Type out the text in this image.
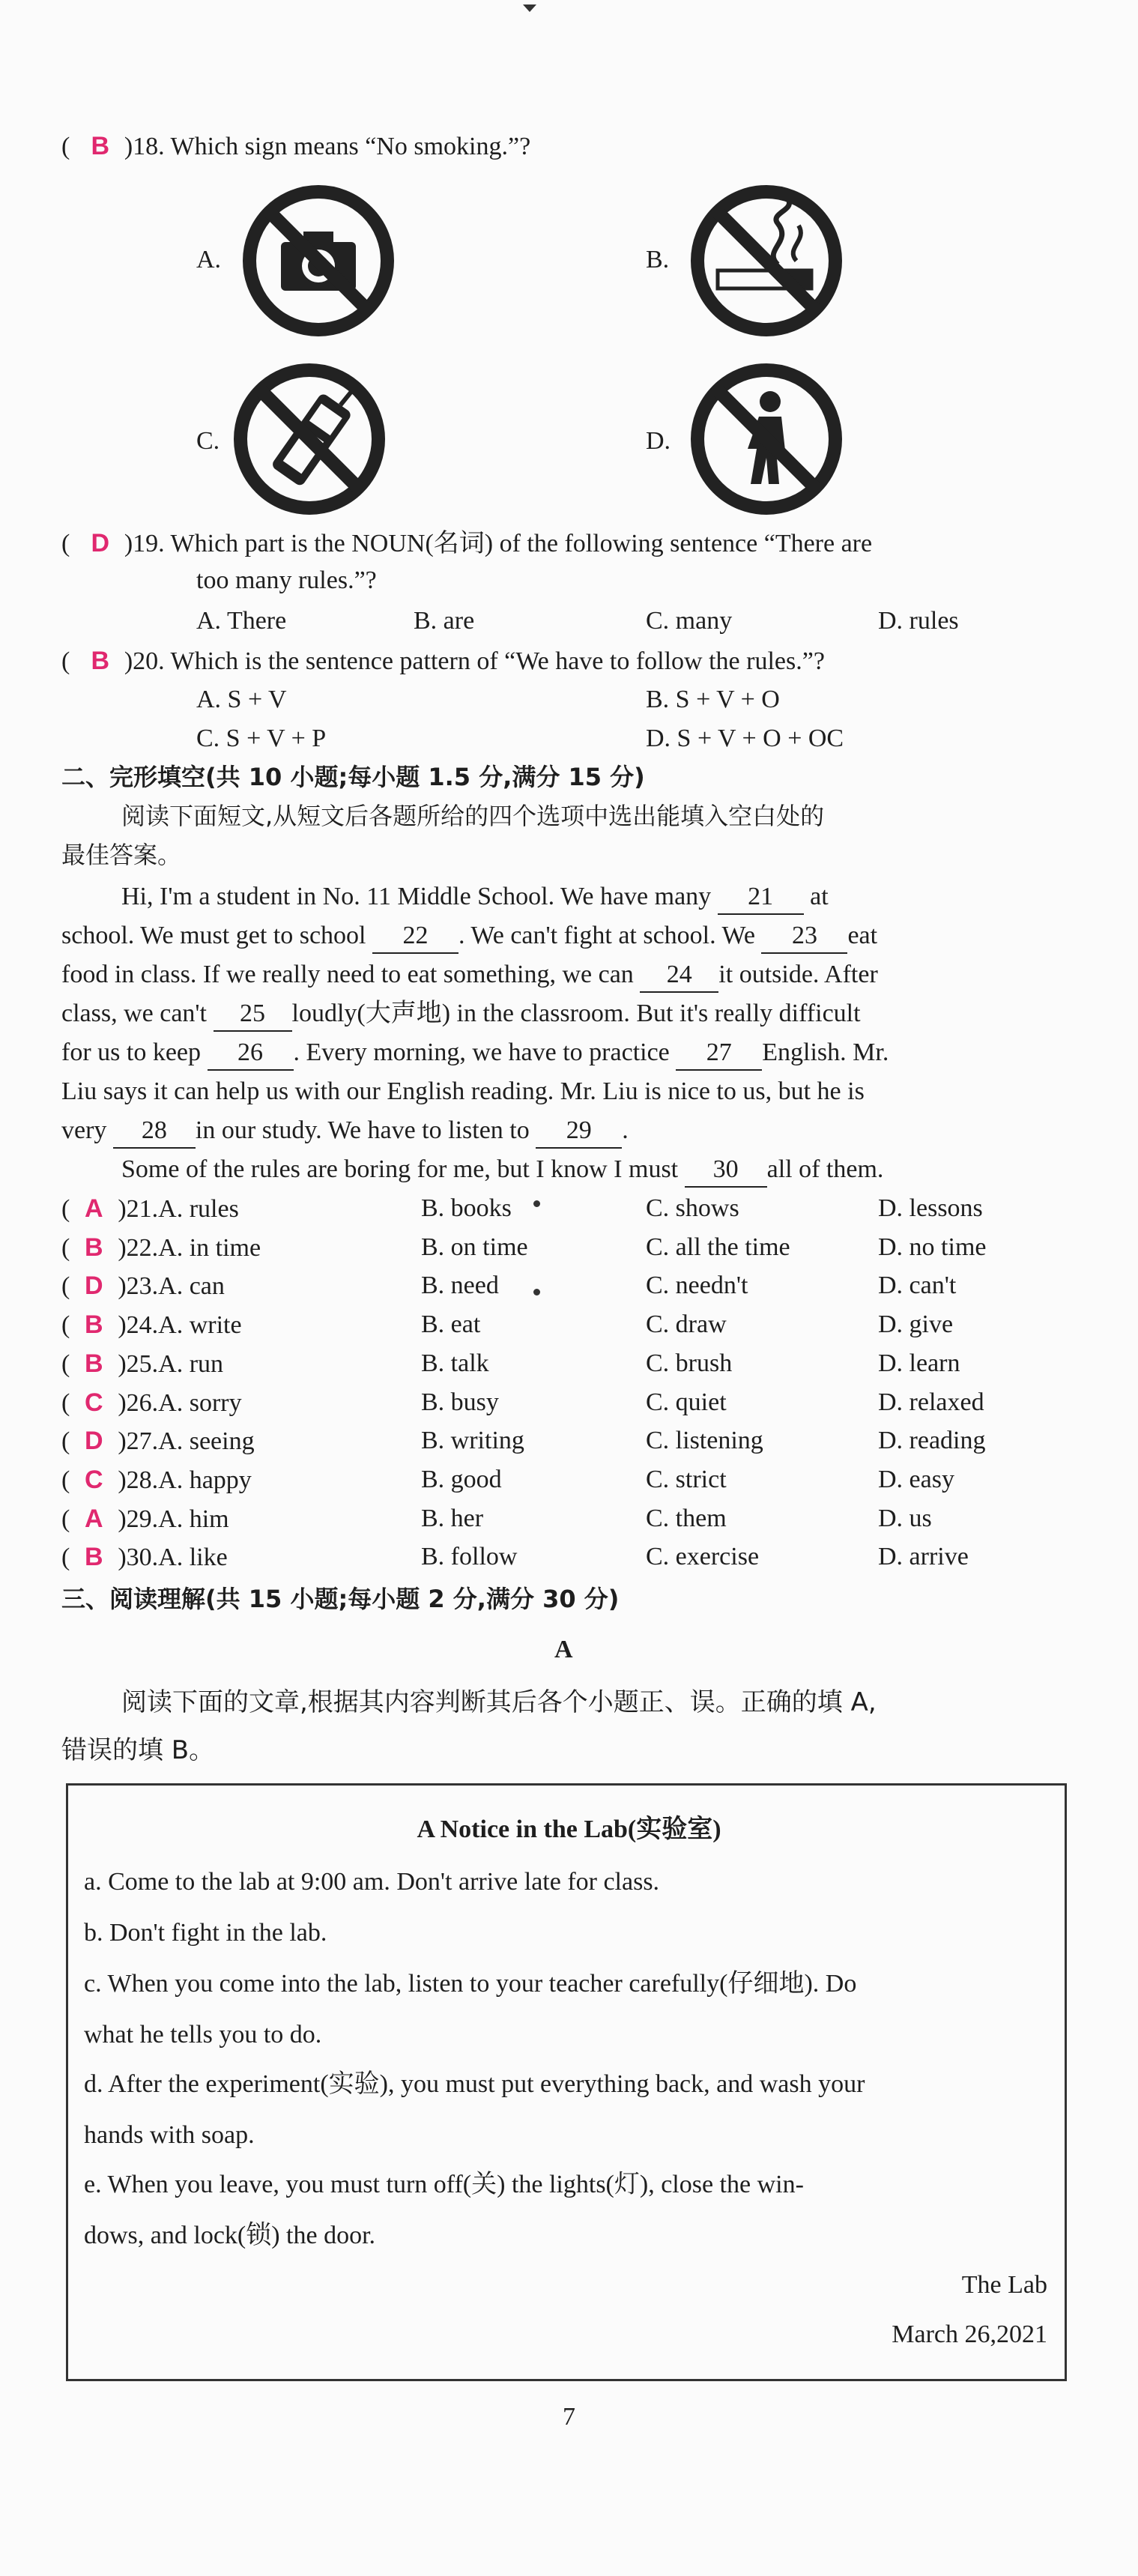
( B )18. Which sign means “No smoking.”?
A.	B.
C.	D.
( D )19. Which part is the NOUN(名词) of the following sentence “There are
too many rules.”?
A. There	B. are	C. many	D. rules
( B )20. Which is the sentence pattern of “We have to follow the rules.”?
A. S + V	B. S + V + O
C. S + V + P	D. S + V + O + OC
二、完形填空(共 10 小题;每小题 1.5 分,满分 15 分)
阅读下面短文,从短文后各题所给的四个选项中选出能填入空白处的
最佳答案。
Hi, I'm a student in No. 11 Middle School. We have many 21 at
school. We must get to school 22 . We can't fight at school. We 23 eat
food in class. If we really need to eat something, we can 24 it outside. After
class, we can't 25 loudly(大声地) in the classroom. But it's really difficult
for us to keep 26 . Every morning, we have to practice 27 English. Mr.
Liu says it can help us with our English reading. Mr. Liu is nice to us, but he is
very 28 in our study. We have to listen to 29 .
Some of the rules are boring for me, but I know I must 30 all of them.
( A )21.A. rules	B. books	C. shows	D. lessons
( B )22.A. in time	B. on time	C. all the time	D. no time
( D )23.A. can	B. need	C. needn't	D. can't
( B )24.A. write	B. eat	C. draw	D. give
( B )25.A. run	B. talk	C. brush	D. learn
( C )26.A. sorry	B. busy	C. quiet	D. relaxed
( D )27.A. seeing	B. writing	C. listening	D. reading
( C )28.A. happy	B. good	C. strict	D. easy
( A )29.A. him	B. her	C. them	D. us
( B )30.A. like	B. follow	C. exercise	D. arrive
三、阅读理解(共 15 小题;每小题 2 分,满分 30 分)
A
阅读下面的文章,根据其内容判断其后各个小题正、误。正确的填 A,
错误的填 B。
A Notice in the Lab(实验室)
a. Come to the lab at 9:00 am. Don't arrive late for class.
b. Don't fight in the lab.
c. When you come into the lab, listen to your teacher carefully(仔细地). Do
what he tells you to do.
d. After the experiment(实验), you must put everything back, and wash your
hands with soap.
e. When you leave, you must turn off(关) the lights(灯), close the win-
dows, and lock(锁) the door.
The Lab
March 26,2021
7
